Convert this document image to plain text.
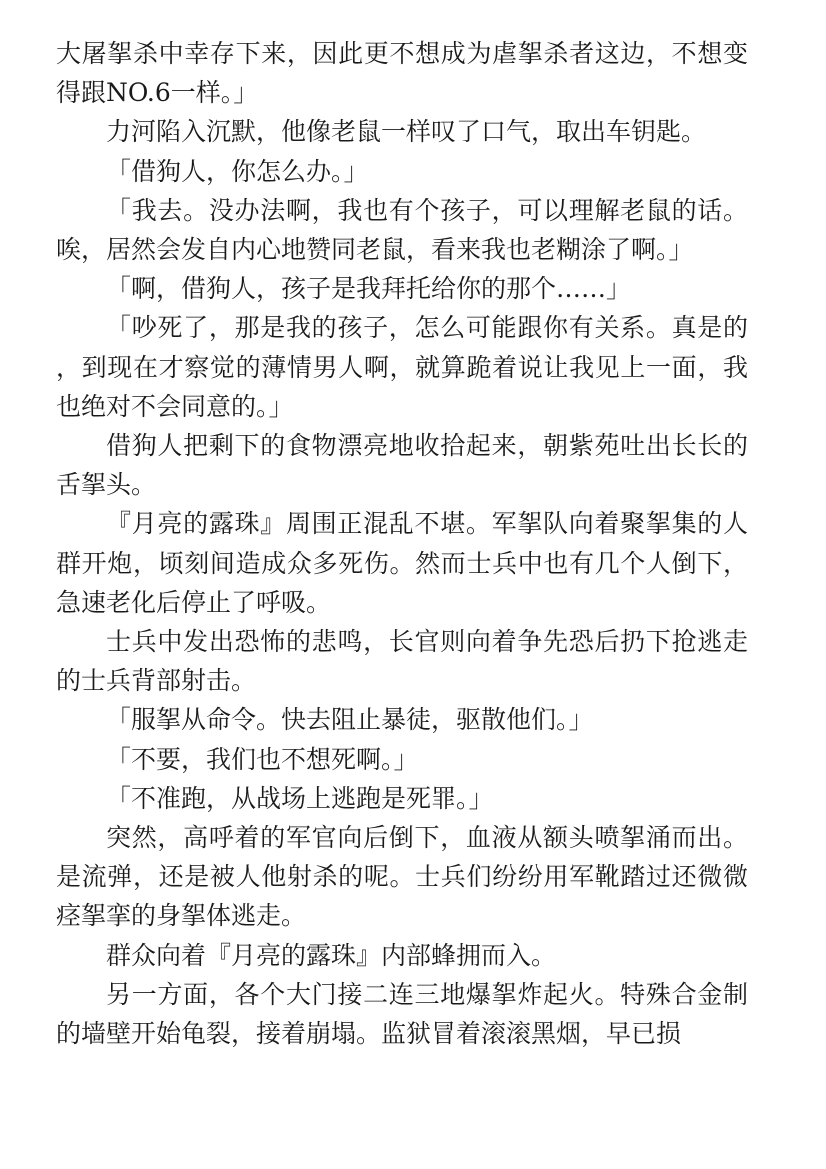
大屠挐杀中幸存下来，因此更不想成为虐挐杀者这边，不想变得跟NO.6一样。」

力河陷入沉默，他像老鼠一样叹了口气，取出车钥匙。

「借狗人，你怎么办。」

「我去。没办法啊，我也有个孩子，可以理解老鼠的话。唉，居然会发自内心地赞同老鼠，看来我也老糊涂了啊。」

「啊，借狗人，孩子是我拜托给你的那个……」

「吵死了，那是我的孩子，怎么可能跟你有关系。真是的，到现在才察觉的薄情男人啊，就算跪着说让我见上一面，我也绝对不会同意的。」

借狗人把剩下的食物漂亮地收拾起来，朝紫苑吐出长长的舌挐头。

『月亮的露珠』周围正混乱不堪。军挐队向着聚挐集的人群开炮，顷刻间造成众多死伤。然而士兵中也有几个人倒下，急速老化后停止了呼吸。

士兵中发出恐怖的悲鸣，长官则向着争先恐后扔下抢逃走的士兵背部射击。

「服挐从命令。快去阻止暴徒，驱散他们。」

「不要，我们也不想死啊。」

「不准跑，从战场上逃跑是死罪。」

突然，高呼着的军官向后倒下，血液从额头喷挐涌而出。是流弹，还是被人他射杀的呢。士兵们纷纷用军靴踏过还微微痉挐挛的身挐体逃走。

群众向着『月亮的露珠』内部蜂拥而入。

另一方面，各个大门接二连三地爆挐炸起火。特殊合金制的墙壁开始龟裂，接着崩塌。监狱冒着滚滚黑烟，早已损
